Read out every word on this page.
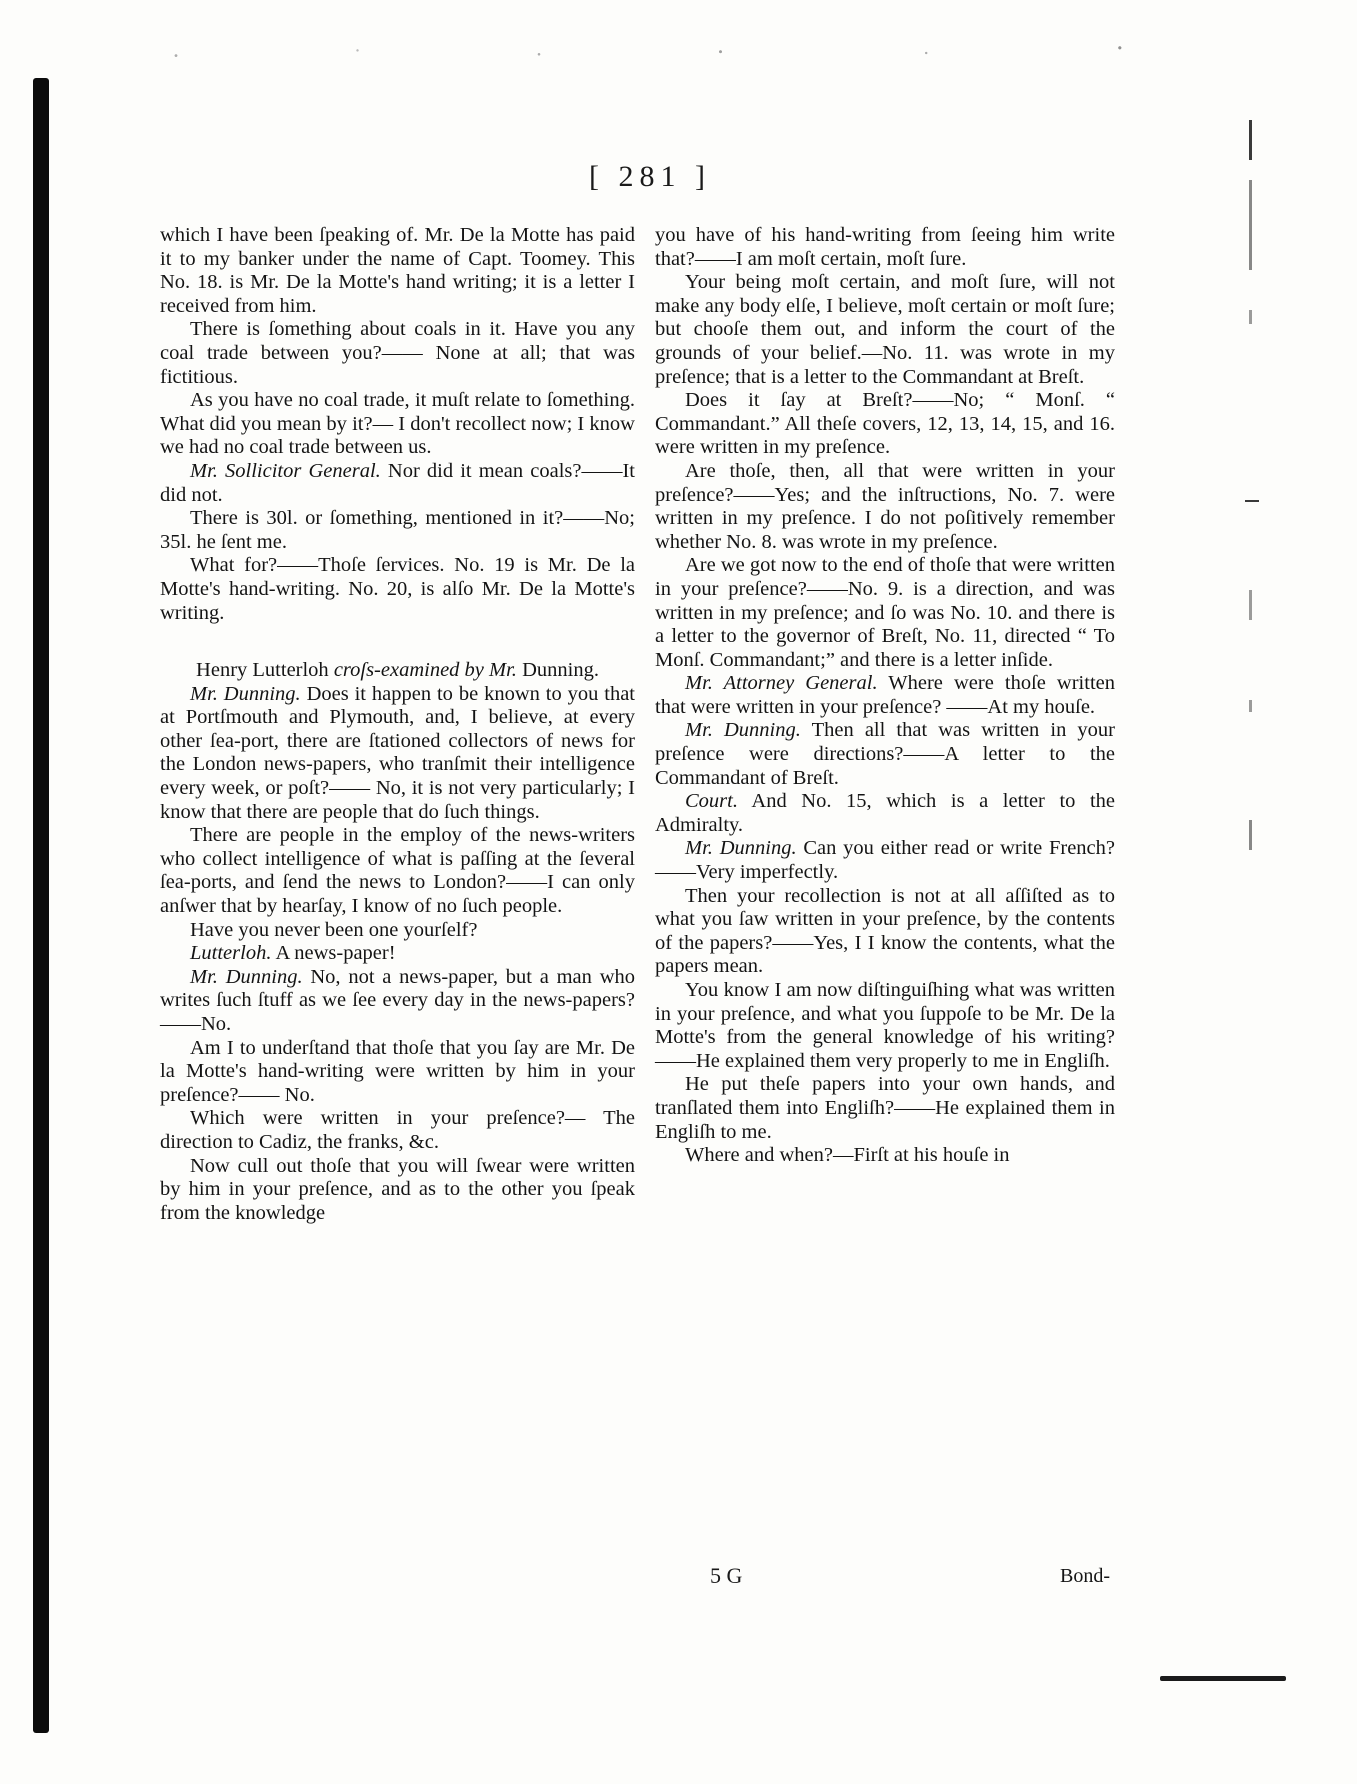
[ 281 ]

which I have been ſpeaking of. Mr. De la Motte has paid it to my banker under the name of Capt. Toomey. This No. 18. is Mr. De la Motte's hand writing; it is a letter I received from him.

There is ſomething about coals in it. Have you any coal trade between you?—— None at all; that was fictitious.

As you have no coal trade, it muſt relate to ſomething. What did you mean by it?— I don't recollect now; I know we had no coal trade between us.

Mr. Sollicitor General. Nor did it mean coals?——It did not.

There is 30l. or ſomething, mentioned in it?——No; 35l. he ſent me.

What for?——Thoſe ſervices. No. 19 is Mr. De la Motte's hand-writing. No. 20, is alſo Mr. De la Motte's writing.

Henry Lutterloh croſs-examined by Mr. Dunning.

Mr. Dunning. Does it happen to be known to you that at Portſmouth and Plymouth, and, I believe, at every other ſea-port, there are ſtationed collectors of news for the London news-papers, who tranſmit their intelligence every week, or poſt?—— No, it is not very particularly; I know that there are people that do ſuch things.

There are people in the employ of the news-writers who collect intelligence of what is paſſing at the ſeveral ſea-ports, and ſend the news to London?——I can only anſwer that by hearſay, I know of no ſuch people.

Have you never been one yourſelf?

Lutterloh. A news-paper!

Mr. Dunning. No, not a news-paper, but a man who writes ſuch ſtuff as we ſee every day in the news-papers?——No.

Am I to underſtand that thoſe that you ſay are Mr. De la Motte's hand-writing were written by him in your preſence?—— No.

Which were written in your preſence?— The direction to Cadiz, the franks, &c.

Now cull out thoſe that you will ſwear were written by him in your preſence, and as to the other you ſpeak from the knowledge

you have of his hand-writing from ſeeing him write that?——I am moſt certain, moſt ſure.

Your being moſt certain, and moſt ſure, will not make any body elſe, I believe, moſt certain or moſt ſure; but chooſe them out, and inform the court of the grounds of your belief.—No. 11. was wrote in my preſence; that is a letter to the Commandant at Breſt.

Does it ſay at Breſt?——No; “ Monſ. “ Commandant.” All theſe covers, 12, 13, 14, 15, and 16. were written in my preſence.

Are thoſe, then, all that were written in your preſence?——Yes; and the inſtructions, No. 7. were written in my preſence. I do not poſitively remember whether No. 8. was wrote in my preſence.

Are we got now to the end of thoſe that were written in your preſence?——No. 9. is a direction, and was written in my preſence; and ſo was No. 10. and there is a letter to the governor of Breſt, No. 11, directed “ To Monſ. Commandant;” and there is a letter inſide.

Mr. Attorney General. Where were thoſe written that were written in your preſence? ——At my houſe.

Mr. Dunning. Then all that was written in your preſence were directions?——A letter to the Commandant of Breſt.

Court. And No. 15, which is a letter to the Admiralty.

Mr. Dunning. Can you either read or write French?——Very imperfectly.

Then your recollection is not at all aſſiſted as to what you ſaw written in your preſence, by the contents of the papers?——Yes, I I know the contents, what the papers mean.

You know I am now diſtinguiſhing what was written in your preſence, and what you ſuppoſe to be Mr. De la Motte's from the general knowledge of his writing?——He explained them very properly to me in Engliſh.

He put theſe papers into your own hands, and tranſlated them into Engliſh?——He explained them in Engliſh to me.

Where and when?—Firſt at his houſe in

5 G	Bond-
